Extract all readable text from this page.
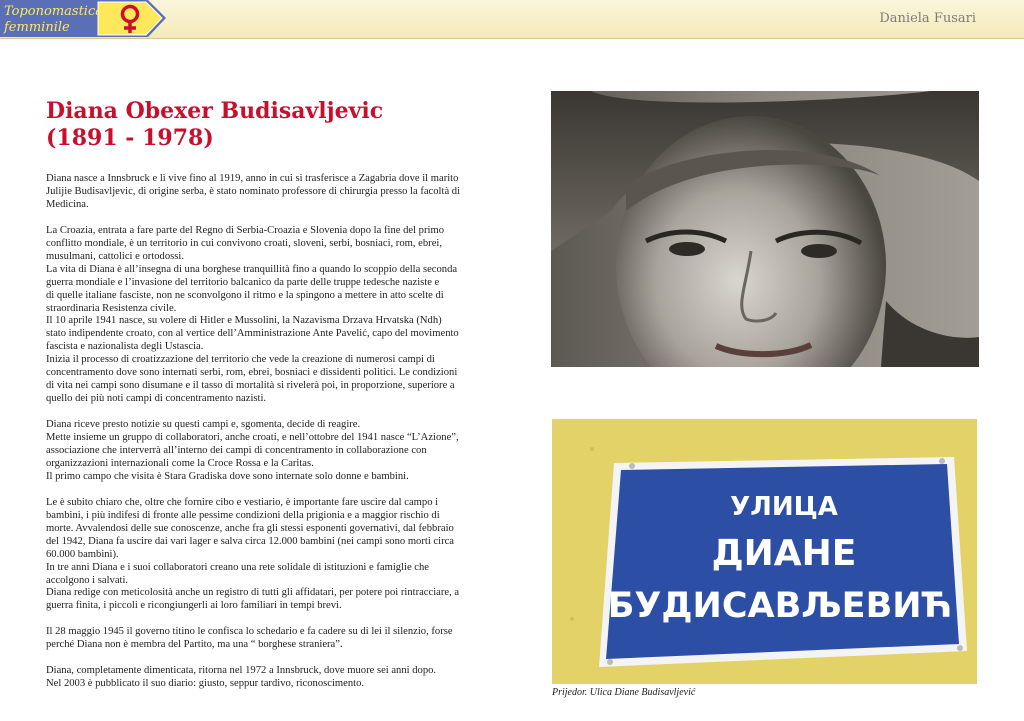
Toponomastica
femminile
Daniela Fusari
Diana Obexer Budisavljevic
(1891 - 1978)

Diana nasce a Innsbruck e lì vive fino al 1919, anno in cui si trasferisce a Zagabria dove il marito
Julijie Budisavljevic, di origine serba, è stato nominato professore di chirurgia presso la facoltà di
Medicina.

La Croazia, entrata a fare parte del Regno di Serbia-Croazia e Slovenia dopo la fine del primo
conflitto mondiale, è un territorio in cui convivono croati, sloveni, serbi, bosniaci, rom, ebrei,
musulmani, cattolici e ortodossi.
La vita di Diana è all’insegna di una borghese tranquillità fino a quando lo scoppio della seconda
guerra mondiale e l’invasione del territorio balcanico da parte delle truppe tedesche naziste e
di quelle italiane fasciste, non ne sconvolgono il ritmo e la spingono a mettere in atto scelte di
straordinaria Resistenza civile.
Il 10 aprile 1941 nasce, su volere di Hitler e Mussolini, la Nazavisma Drzava Hrvatska (Ndh)
stato indipendente croato, con al vertice dell’Amministrazione Ante Pavelić, capo del movimento
fascista e nazionalista degli Ustascia.
Inizia il processo di croatizzazione del territorio che vede la creazione di numerosi campi di
concentramento dove sono internati serbi, rom, ebrei, bosniaci e dissidenti politici. Le condizioni
di vita nei campi sono disumane e il tasso di mortalità si rivelerà poi, in proporzione, superiore a
quello dei più noti campi di concentramento nazisti.

Diana riceve presto notizie su questi campi e, sgomenta, decide di reagire.
Mette insieme un gruppo di collaboratori, anche croati, e nell’ottobre del 1941 nasce “L’Azione”,
associazione che interverrà all’interno dei campi di concentramento in collaborazione con
organizzazioni internazionali come la Croce Rossa e la Caritas.
Il primo campo che visita è Stara Gradiska dove sono internate solo donne e bambini.

Le è subito chiaro che, oltre che fornire cibo e vestiario, è importante fare uscire dal campo i
bambini, i più indifesi di fronte alle pessime condizioni della prigionia e a maggior rischio di
morte. Avvalendosi delle sue conoscenze, anche fra gli stessi esponenti governativi, dal febbraio
del 1942, Diana fa uscire dai vari lager e salva circa 12.000 bambini (nei campi sono morti circa
60.000 bambini).
In tre anni Diana e i suoi collaboratori creano una rete solidale di istituzioni e famiglie che
accolgono i salvati.
Diana redige con meticolosità anche un registro di tutti gli affidatari, per potere poi rintracciare, a
guerra finita, i piccoli e ricongiungerli ai loro familiari in tempi brevi.

Il 28 maggio 1945 il governo titino le confisca lo schedario e fa cadere su di lei il silenzio, forse
perché Diana non è membra del Partito, ma una “ borghese straniera”.

Diana, completamente dimenticata, ritorna nel 1972 a Innsbruck, dove muore sei anni dopo.
Nel 2003 è pubblicato il suo diario: giusto, seppur tardivo, riconoscimento.

УЛИЦА
ДИАНЕ
БУДИСАВЉЕВИЋ
Prijedor. Ulica Diane Budisavljević
